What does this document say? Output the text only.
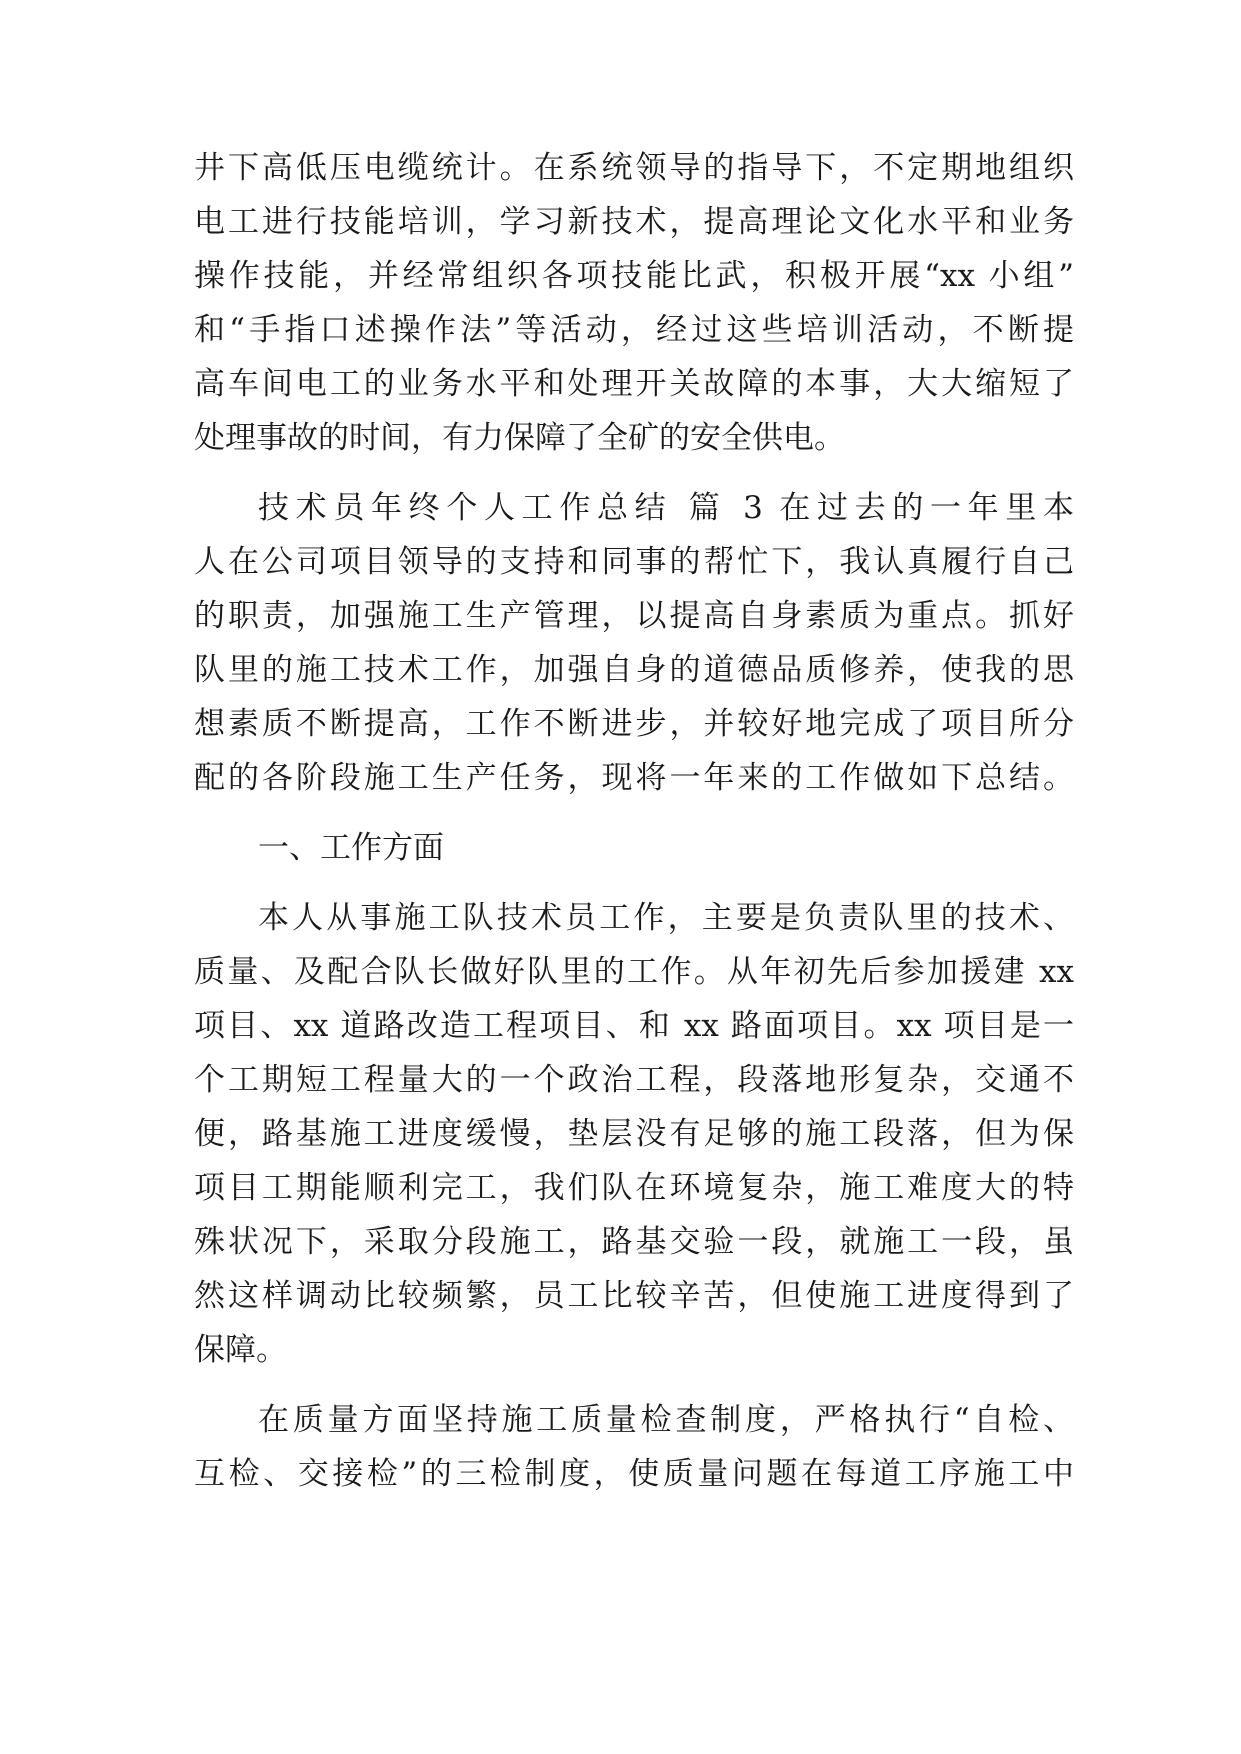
井下高低压电缆统计。在系统领导的指导下，不定期地组织
电工进行技能培训，学习新技术，提高理论文化水平和业务
操作技能，并经常组织各项技能比武，积极开展“xx 小组”
和“手指口述操作法”等活动，经过这些培训活动，不断提
高车间电工的业务水平和处理开关故障的本事，大大缩短了
处理事故的时间，有力保障了全矿的安全供电。
技术员年终个人工作总结 篇 3 在过去的一年里本
人在公司项目领导的支持和同事的帮忙下，我认真履行自己
的职责，加强施工生产管理，以提高自身素质为重点。抓好
队里的施工技术工作，加强自身的道德品质修养，使我的思
想素质不断提高，工作不断进步，并较好地完成了项目所分
配的各阶段施工生产任务，现将一年来的工作做如下总结。
一、工作方面
本人从事施工队技术员工作，主要是负责队里的技术、
质量、及配合队长做好队里的工作。从年初先后参加援建 xx
项目、xx 道路改造工程项目、和 xx 路面项目。xx 项目是一
个工期短工程量大的一个政治工程，段落地形复杂，交通不
便，路基施工进度缓慢，垫层没有足够的施工段落，但为保
项目工期能顺利完工，我们队在环境复杂，施工难度大的特
殊状况下，采取分段施工，路基交验一段，就施工一段，虽
然这样调动比较频繁，员工比较辛苦，但使施工进度得到了
保障。
在质量方面坚持施工质量检查制度，严格执行“自检、
互检、交接检”的三检制度，使质量问题在每道工序施工中
